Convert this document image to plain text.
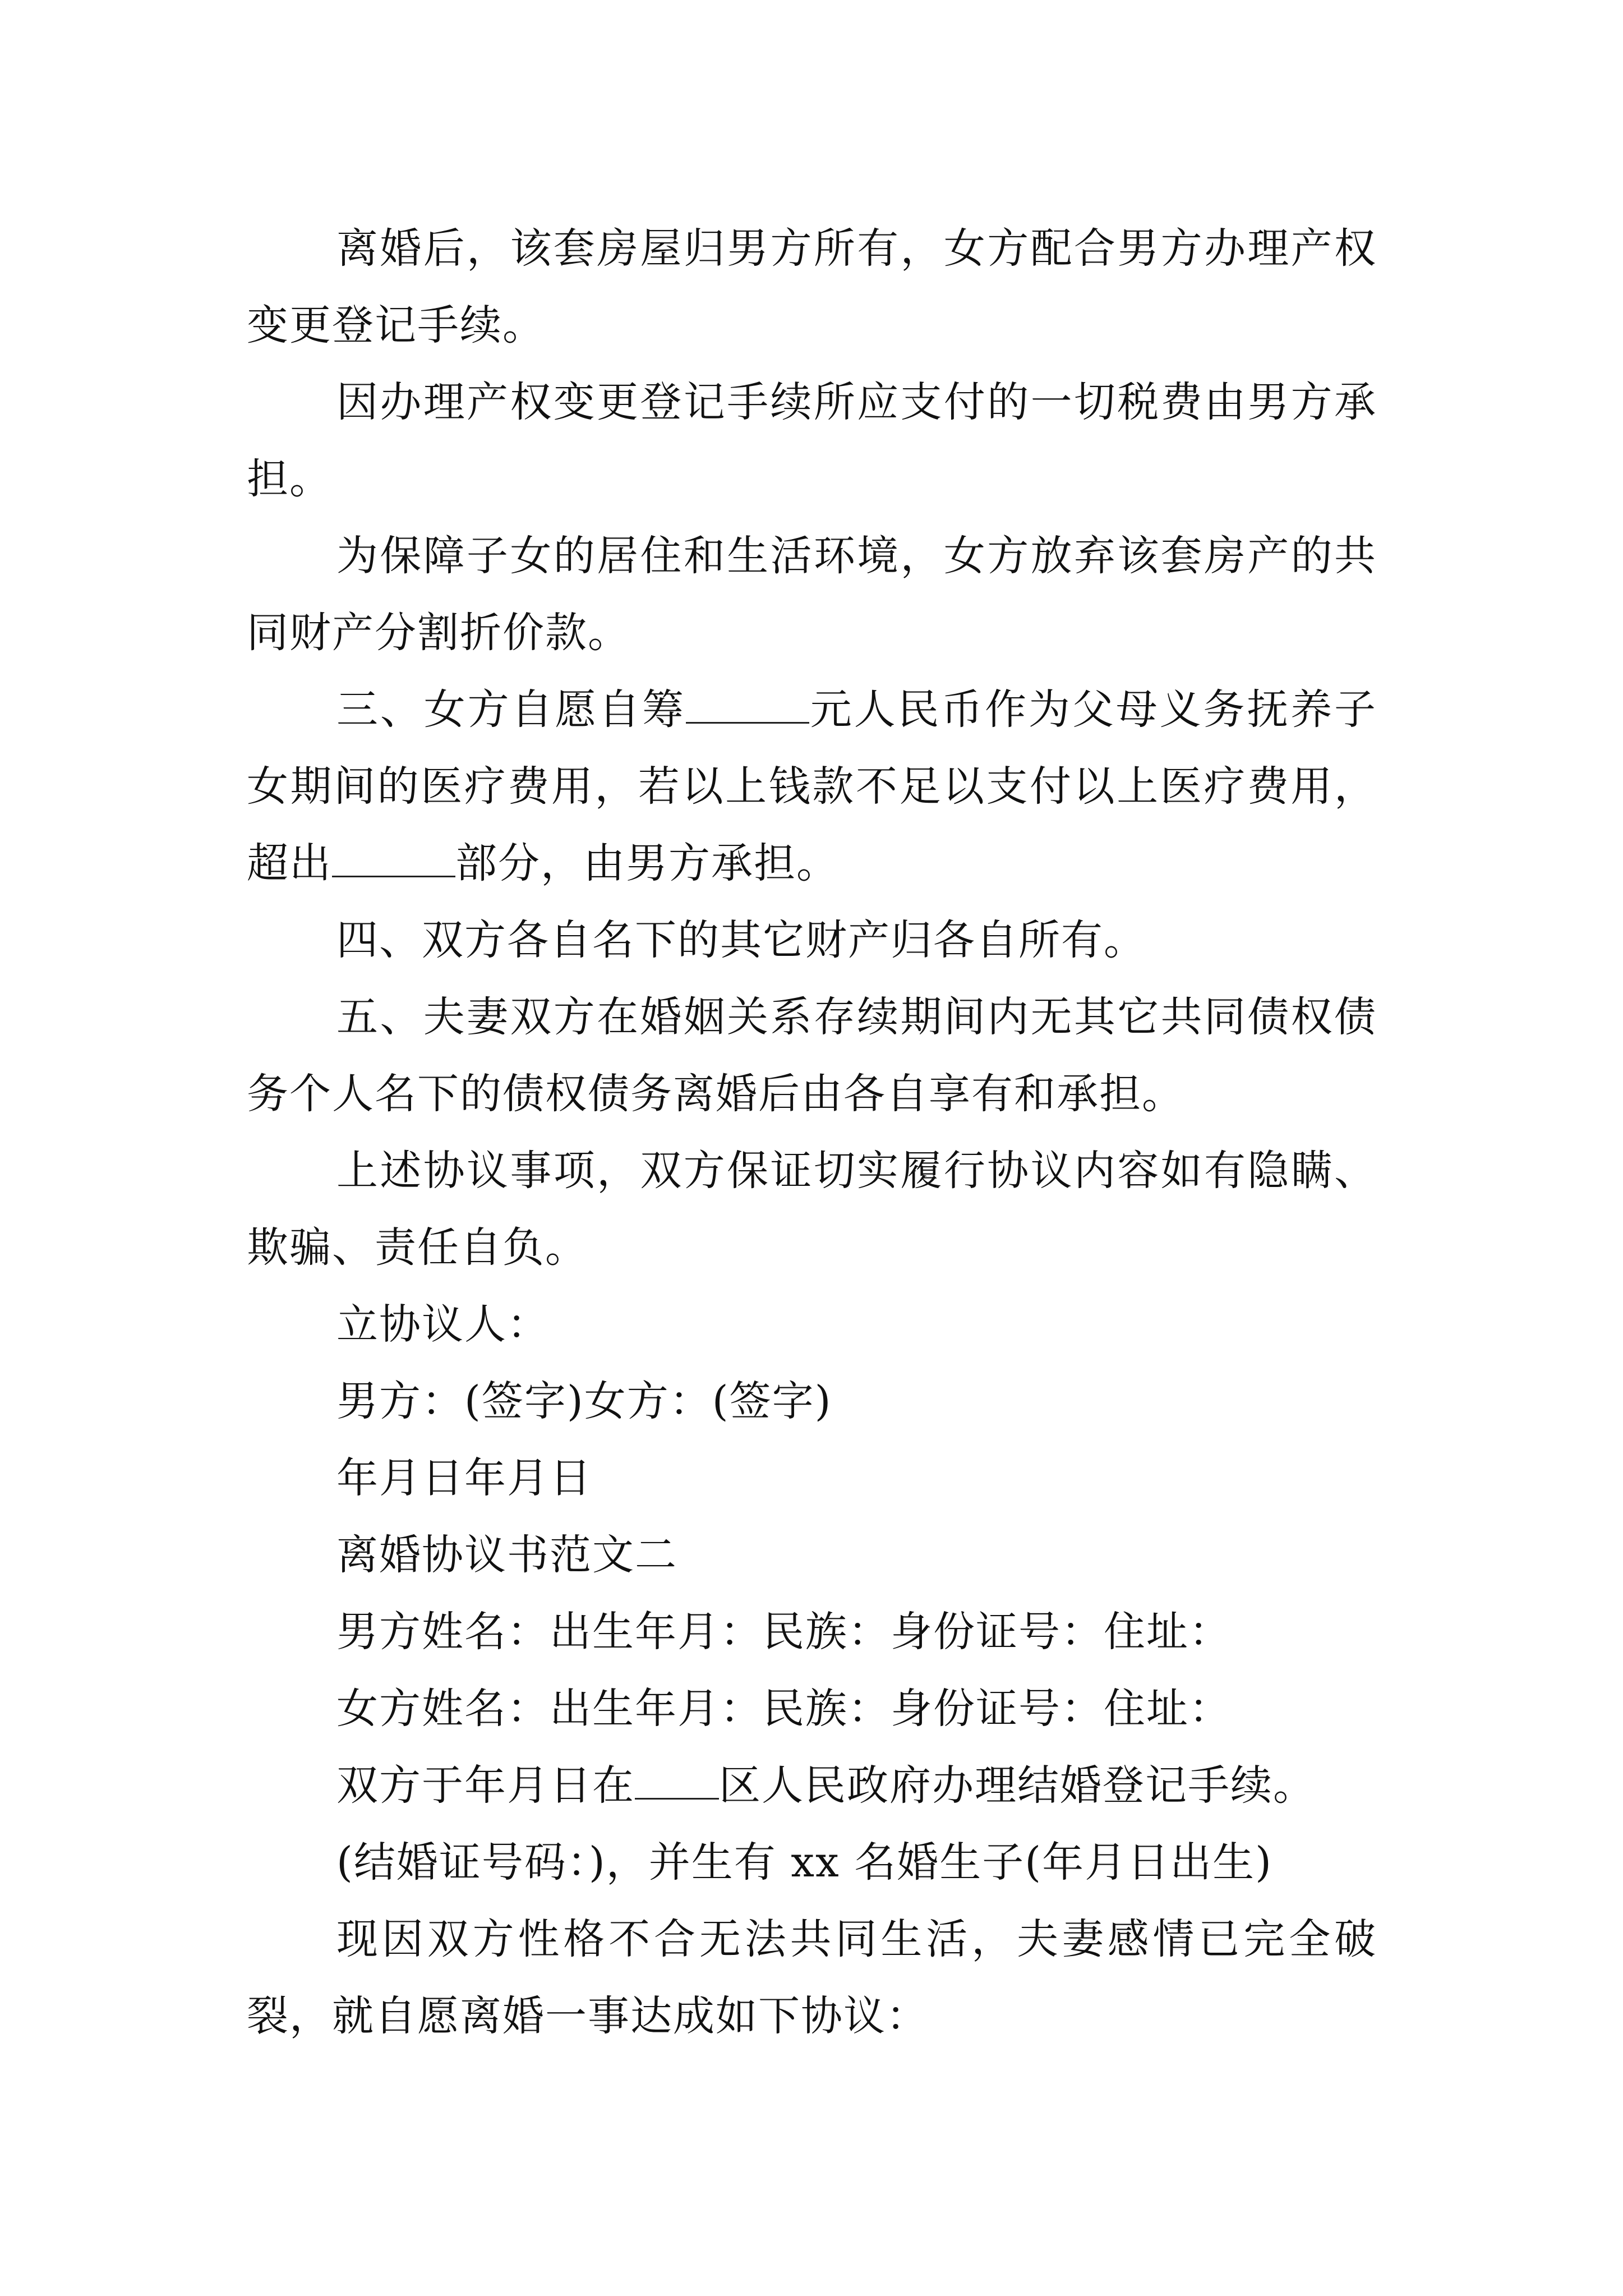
离婚后，该套房屋归男方所有，女方配合男方办理产权变更登记手续。

因办理产权变更登记手续所应支付的一切税费由男方承担。

为保障子女的居住和生活环境，女方放弃该套房产的共同财产分割折价款。

三、女方自愿自筹	元人民币作为父母义务抚养子女期间的医疗费用，若以上钱款不足以支付以上医疗费用，超出	部分，由男方承担。

四、双方各自名下的其它财产归各自所有。

五、夫妻双方在婚姻关系存续期间内无其它共同债权债务个人名下的债权债务离婚后由各自享有和承担。

上述协议事项，双方保证切实履行协议内容如有隐瞒、欺骗、责任自负。

立协议人：

男方：(签字)女方：(签字)

年月日年月日

离婚协议书范文二

男方姓名：出生年月：民族：身份证号：住址：

女方姓名：出生年月：民族：身份证号：住址：

双方于年月日在 区人民政府办理结婚登记手续。

(结婚证号码：)，并生有 xx 名婚生子(年月日出生)

现因双方性格不合无法共同生活，夫妻感情已完全破裂，就自愿离婚一事达成如下协议：
